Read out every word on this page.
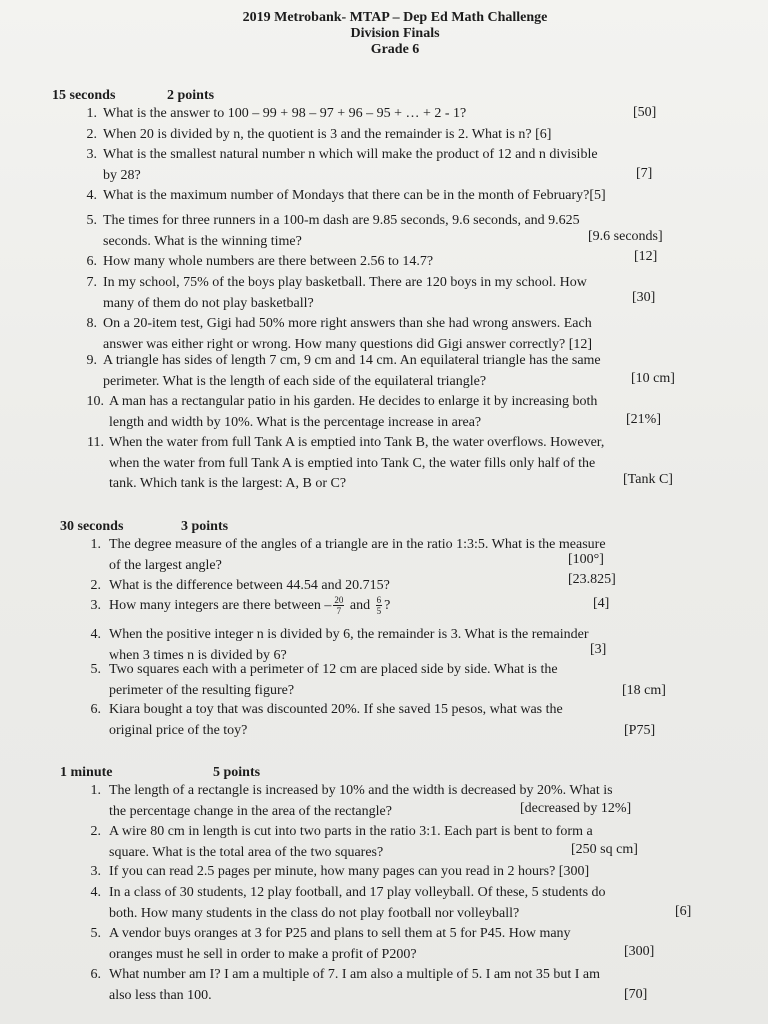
2019 Metrobank- MTAP – Dep Ed Math Challenge
Division Finals
Grade 6
15 seconds	2 points
1. What is the answer to 100 – 99 + 98 – 97 + 96 – 95 + … + 2 - 1?	[50]
2. When 20 is divided by n, the quotient is 3 and the remainder is 2. What is n? [6]
3. What is the smallest natural number n which will make the product of 12 and n divisible
by 28?	[7]
4. What is the maximum number of Mondays that there can be in the month of February?[5]
5. The times for three runners in a 100-m dash are 9.85 seconds, 9.6 seconds, and 9.625
seconds. What is the winning time?	[9.6 seconds]
6. How many whole numbers are there between 2.56 to 14.7?	[12]
7. In my school, 75% of the boys play basketball. There are 120 boys in my school. How
many of them do not play basketball?	[30]
8. On a 20-item test, Gigi had 50% more right answers than she had wrong answers. Each
answer was either right or wrong. How many questions did Gigi answer correctly? [12]
9. A triangle has sides of length 7 cm, 9 cm and 14 cm. An equilateral triangle has the same
perimeter. What is the length of each side of the equilateral triangle?	[10 cm]
10. A man has a rectangular patio in his garden. He decides to enlarge it by increasing both
length and width by 10%. What is the percentage increase in area?	[21%]
11. When the water from full Tank A is emptied into Tank B, the water overflows. However,
when the water from full Tank A is emptied into Tank C, the water fills only half of the
tank. Which tank is the largest: A, B or C?	[Tank C]
30 seconds	3 points
1. The degree measure of the angles of a triangle are in the ratio 1:3:5. What is the measure
of the largest angle?	[100°]
2. What is the difference between 44.54 and 20.715?	[23.825]
3. How many integers are there between – $\frac{20}{7}$ and $\frac{6}{5}$ ?	[4]
4. When the positive integer n is divided by 6, the remainder is 3. What is the remainder
when 3 times n is divided by 6?	[3]
5. Two squares each with a perimeter of 12 cm are placed side by side. What is the
perimeter of the resulting figure?	[18 cm]
6. Kiara bought a toy that was discounted 20%. If she saved 15 pesos, what was the
original price of the toy?	[P75]
1 minute	5 points
1. The length of a rectangle is increased by 10% and the width is decreased by 20%. What is
the percentage change in the area of the rectangle?	[decreased by 12%]
2. A wire 80 cm in length is cut into two parts in the ratio 3:1. Each part is bent to form a
square. What is the total area of the two squares?	[250 sq cm]
3. If you can read 2.5 pages per minute, how many pages can you read in 2 hours? [300]
4. In a class of 30 students, 12 play football, and 17 play volleyball. Of these, 5 students do
both. How many students in the class do not play football nor volleyball?	[6]
5. A vendor buys oranges at 3 for P25 and plans to sell them at 5 for P45. How many
oranges must he sell in order to make a profit of P200?	[300]
6. What number am I? I am a multiple of 7. I am also a multiple of 5. I am not 35 but I am
also less than 100.	[70]
